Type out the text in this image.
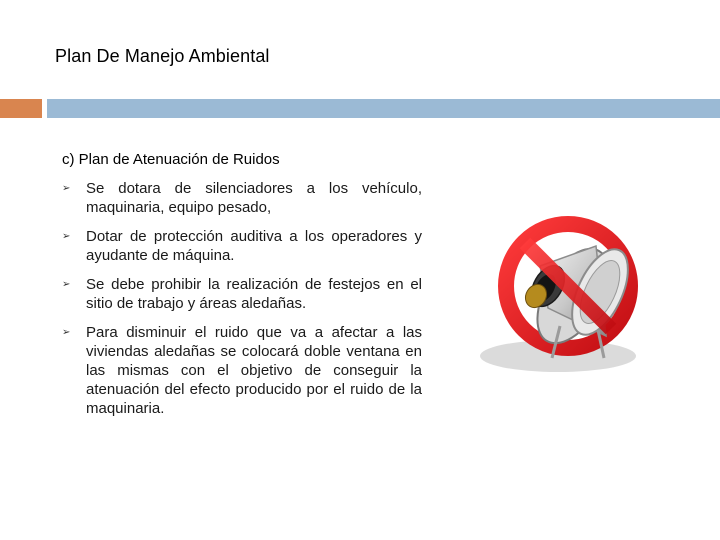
Plan De Manejo Ambiental
c) Plan de Atenuación de Ruidos
➢	Se dotara de silenciadores a los vehículo, maquinaria, equipo pesado,
➢	Dotar de protección auditiva a los operadores y ayudante de máquina.
➢	Se debe prohibir la realización de festejos en el sitio de trabajo y áreas aledañas.
➢	Para disminuir el ruido que va a afectar a las viviendas aledañas se colocará doble ventana en las mismas con el objetivo de conseguir la atenuación del efecto producido por el ruido de la maquinaria.
